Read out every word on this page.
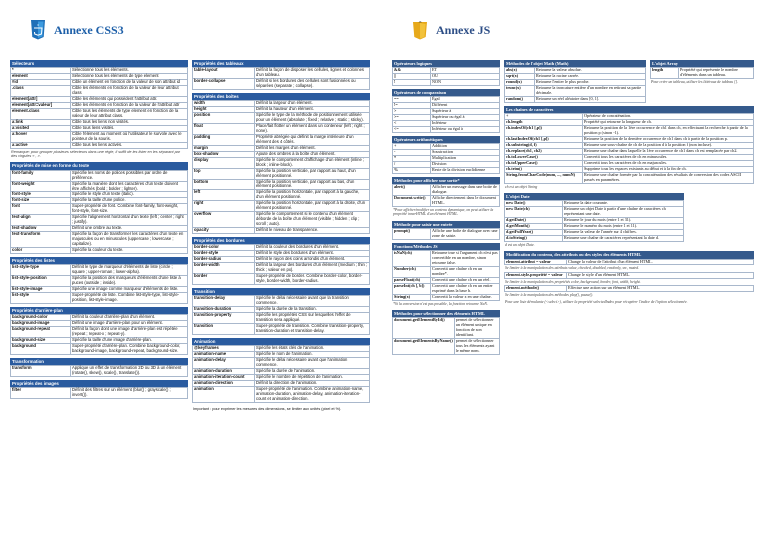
3 Annexe CSS3
Sélecteurs
*	Sélectionne tous les éléments.
element	Sélectionne tous les éléments de type element
#id	Cible un élément en fonction de la valeur de son attribut id
.class	Cible les éléments en fonction de la valeur de leur attribut class
element[attr]	Cible les éléments qui possèdent l'attribut attr.
element[attr=valeur]	Cible les éléments en fonction de la valeur de l'attribut attr
element.class	Cible tous les éléments de type element en fonction de la valeur de leur attribut class.
a:link	Cible tous les liens non visités.
a:visited	Cible tous liens visités.
a:hover	Cible l'élément au moment où l'utilisateur le survole avec le pointeur de la souris.
a:active	Cible tous les liens activés.
Remarque: pour grouper plusieurs sélecteurs dans une règle, il suffit de les lister en les séparant par des virgules « , ».
Propriétés de mise en forme du texte
font-family	Spécifie les noms de polices possibles par ordre de préférence.
font-weight	Spécifie la manière dont les caractères d'un texte doivent être affichés (bold ; bolder ; lighter).
font-style	Spécifie le style d'un texte (italic).
font-size	Spécifie la taille d'une police.
font	Super-propriété de font. Combine font-family, font-weight, font-style, font-size.
text-align	Spécifie l'alignement horizontal d'un texte (left ; center ; right ; justify).
text-shadow	Définit une ombre au texte.
text-transform	Spécifie la façon de transformer les caractères d'un texte en majuscules ou en minuscules (uppercase ; lowercase ; capitalize).
color	Spécifie la couleur du texte.
Propriétés des listes
list-style-type	Définit le type de marqueur d'éléments de liste (circle ; square ; upper-roman ; lower-alpha).
list-style-position	Spécifie la position des marqueurs d'éléments d'une liste à puces (outside ; inside).
list-style-image	Spécifie une image comme marqueur d'éléments de liste.
list-style	Super-propriété de liste. Combine list-style-type, list-style-position, list-style-image.
Propriétés d'arrière-plan
background-color	Définit la couleur d'arrière-plan d'un élément.
background-image	Définit une image d'arrière-plan pour un élément.
background-repeat	Définit la façon dont une image d'arrière-plan est répétée (repeat ; repeat-x ; repeat-y).
background-size	Spécifie la taille d'une image d'arrière-plan.
background	Super-propriété d'arrière-plan. Combine background-color, background-image, background-repeat, background-size.
Transformation
transform	Applique un effet de transformation 2D ou 3D à un élément (rotate(), skew(), scale(), translate()).
Propriétés des images
filter	Définit des filtres sur un élément (blur() ; grayscale() ; invert()).
Propriétés des tableaux
table-layout	Définit la façon de disposer les cellules, lignes et colonnes d'un tableau.
border-collapse	Définit si les bordures des cellules sont fusionnées ou séparées (separate ; collapse).
Propriétés des boîtes
width	Définit la largeur d'un élément.
height	Définit la hauteur d'un élément.
position	Spécifie le type de la méthode de positionnement utilisée pour un élément (absolute ; fixed ; relative ; static ; sticky).
float	Place/fait flotter un élément dans un conteneur (left ; right ; none).
padding	Propriété abrégée qui définit la marge intérieure d'un élément des 4 côtés.
margin	Définit les marges d'un élément.
box-shadow	Ajoute des ombres à la boîte d'un élément.
display	Spécifie le comportement d'affichage d'un élément (inline ; block ; inline-block).
top	Spécifie la position verticale, par rapport au haut, d'un élément positionné.
bottom	Spécifie la position verticale, par rapport au bas, d'un élément positionné.
left	Spécifie la position horizontale, par rapport à la gauche, d'un élément positionné.
right	Spécifie la position horizontale, par rapport à la droite, d'un élément positionné.
overflow	Spécifie le comportement si le contenu d'un élément déborde de la boîte d'un élément (visible ; hidden ; clip ; scroll ; auto).
opacity	Définit le niveau de transparence.
Propriétés des bordures
border-color	Définit la couleur des bordures d'un élément.
border-style	Définit le style des bordures d'un élément.
border-radius	Définit le rayon des coins arrondis d'un élément.
border-width	Définit la largeur des bordures d'un élément (medium ; thin ; thick ; valeur en px).
border	Super-propriété de border. Combine border-color, border-style, border-width, border-radius.
Transition
transition-delay	Spécifie le délai nécessaire avant que la transition commence.
transition-duration	Spécifie la durée de la transition.
transition-property	Spécifie les propriétés CSS sur lesquelles l'effet de transition sera appliqué.
transition	Super-propriété de transition. Combine transition-property, transition-duration et transition-delay.
Animation
@keyframes	Spécifie les états clés de l'animation.
animation-name	Spécifie le nom de l'animation.
animation-delay	Spécifie le délai nécessaire avant que l'animation commence.
animation-duration	Spécifie la durée de l'animation.
animation-iteration-count	Spécifie le nombre de répétition de l'animation.
animation-direction	Définit la direction de l'animation.
animation	Super-propriété de l'animation. Combine animation-name, animation-duration, animation-delay, animation-iteration-count et animation-direction.
Important : pour exprimer les mesures des dimensions, se limiter aux unités (pixel et %).
JS
Annexe JS
Opérateurs logiques
&&	ET
||	OU
!	NON
Opérateurs de comparaison
==	Égal
!=	Différent
>	Supérieur à
>=	Supérieur ou égal à
<	Inférieur
<=	Inférieur ou égal à
Opérateurs arithmétiques
+	Addition
-	Soustraction
*	Multiplication
/	Division
%	Reste de la division euclidienne
Méthodes pour afficher une sortie*
alert()	Afficher un message dans une boite de dialogue.
Document.write()	Affiche directement dans le document HTML.
*Pour afficher/modifier un contenu dynamique, on peut utiliser la propriété innerHTML d'un élément HTML.
Méthode pour saisir une entrée
prompt()	Affiche une boîte de dialogue avec une zone de saisie.
Fonctions/Méthodes JS
isNaN(ch)	Retourne true si l'argument ch n'est pas convertible en un nombre, sinon retourne false.
Number(ch)	Convertit une chaîne ch en un nombre*.
parseFloat(ch)	Convertit une chaîne ch en un réel.
parseInt(ch [, b])	Convertit une chaîne ch en un entier exprimé dans la base b.
String(x)	Convertit la valeur x en une chaîne.
*Si la conversion n'est pas possible, la fonction retourne NaN.
Méthodes pour sélectionner des éléments HTML
document.getElementById()	permet de sélectionner un élément unique en fonction de son identifiant.
document.getElementsByName()	permet de sélectionner tous les éléments ayant le même nom.
Méthodes de l'objet Math (Math)
abs(x)	Retourne la valeur absolue.
sqrt(x)	Retourne la racine carrée.
round(x)	Retourne l'entier le plus proche.
trunc(x)	Retourne la troncature entière d'un nombre en retirant sa partie décimale.
random()	Retourne un réel aléatoire dans [0, 1[.
L'objet Array
length	Propriété qui représente le nombre d'éléments dans un tableau.
Pour créer un tableau, utiliser les littéraux de tableau [].
Les chaînes de caractères
+	Opérateur de concaténation.
ch.length	Propriété qui retourne la longueur de ch.
ch.indexOf(ch1 [,p])	Retourne la position de la 1ère occurrence de ch1 dans ch, en effectuant la recherche à partir de la position p (sinon -1).
ch.lastIndexOf(ch1 [,p])	Retourne la position de la dernière occurrence de ch1 dans ch à partir de la position p.
ch.substring(d, f)	Retourne une sous-chaîne de ch de la position d à la position f (non incluse).
ch.replace(ch1, ch2)	Retourne une chaîne dans laquelle la 1ère occurrence de ch1 dans ch est remplacée par ch2.
ch.toLowerCase()	Convertit tous les caractères de ch en minuscules.
ch.toUpperCase()	Convertit tous les caractères de ch en majuscules.
ch.trim()	Supprime tous les espaces existants au début et à la fin de ch.
String.fromCharCode(num, ..., numN)	Retourne une chaîne formée par la concaténation des résultats de conversion des codes ASCII passés en paramètres.
ch est un objet String
L'objet Date
new Date()	Retourne la date courante.
new Date(ch)	Retourne un objet Date à partir d'une chaîne de caractères ch représentant une date.
d.getDate()	Retourne le jour du mois (entre 1 et 31).
d.getMonth()	Retourne le numéro du mois (entre 1 et 11).
d.getFullYear()	Retourne la valeur de l'année sur 4 chiffres.
d.toString()	Retourne une chaîne de caractères représentant la date d.
d est un objet Date.
Modification du contenu, des attributs ou des styles des éléments HTML
element.attribut = valeur	Change la valeur de l'attribut d'un élément HTML.
Se limiter à la manipulation des attributs value, checked, disabled, readonly, src, muted.
element.style.propriété = valeur	Change le style d'un élément HTML.
Se limiter à la manipulation des propriétés color, background, border, font, width, height.
element.méthode()	Effectue une action sur un élément HTML.
Se limiter à la manipulation des méthodes play(), pause().
Pour une liste déroulante (<select>), utiliser la propriété selectedIndex pour récupérer l'indice de l'option sélectionnée.
